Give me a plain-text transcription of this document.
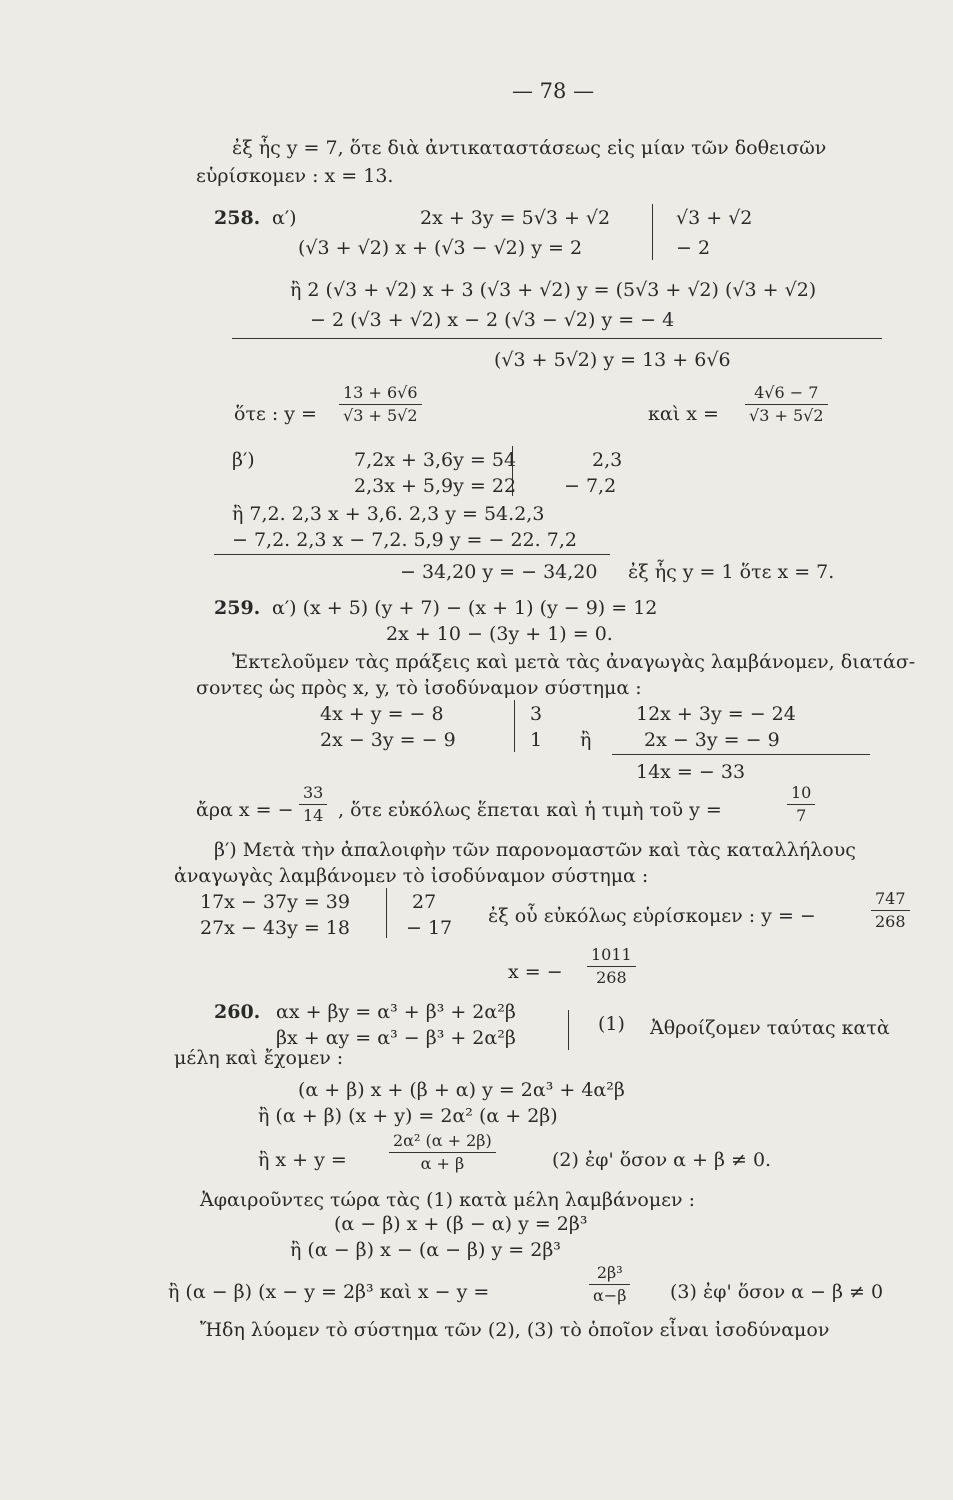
— 78 —
ἐξ ἧς y = 7, ὅτε διὰ ἀντικαταστάσεως εἰς μίαν τῶν δοθεισῶν
εὑρίσκομεν : x = 13.
258. α′)	2x + 3y = 5√3 + √2	√3 + √2
(√3 + √2) x + (√3 − √2) y = 2	− 2
ἢ 2 (√3 + √2) x + 3 (√3 + √2) y = (5√3 + √2) (√3 + √2)
− 2 (√3 + √2) x − 2 (√3 − √2) y = − 4
(√3 + 5√2) y = 13 + 6√6
ὅτε : $y = \frac{13 + 6√6}{√3 + 5√2}$	καὶ $x = \frac{4√6 - 7}{√3 + 5√2}$
β′)	7,2x + 3,6y = 54	2,3
2,3x + 5,9y = 22	− 7,2
ἢ 7,2. 2,3 x + 3,6. 2,3 y = 54.2,3
− 7,2. 2,3 x − 7,2. 5,9 y = − 22. 7,2
− 34,20 y = − 34,20 ἐξ ἧς y = 1 ὅτε x = 7.
259. α′) (x + 5) (y + 7) − (x + 1) (y − 9) = 12
2x + 10 − (3y + 1) = 0.
Ἐκτελοῦμεν τὰς πράξεις καὶ μετὰ τὰς ἀναγωγὰς λαμβάνομεν, διατάσ-
σοντες ὡς πρὸς x, y, τὸ ἰσοδύναμον σύστημα :
4x + y = − 8	3	12x + 3y = − 24
2x − 3y = − 9	1 ἢ	2x − 3y = − 9
14x = − 33
ἄρα x = − $\frac{33}{14}$ , ὅτε εὐκόλως ἕπεται καὶ ἡ τιμὴ τοῦ y =	$\frac{10}{7}$
β′) Μετὰ τὴν ἀπαλοιφὴν τῶν παρονομαστῶν καὶ τὰς καταλλήλους
ἀναγωγὰς λαμβάνομεν τὸ ἰσοδύναμον σύστημα :
17x − 37y = 39	27
27x − 43y = 18	− 17
ἐξ οὗ εὐκόλως εὑρίσκομεν : y = −	$\frac{747}{268}$
x = − $\frac{1011}{268}$
260. αx + βy = α³ + β³ + 2α²β
βx + αy = α³ − β³ + 2α²β
(1) Ἀθροίζομεν ταύτας κατὰ
μέλη καὶ ἔχομεν :
(α + β) x + (β + α) y = 2α³ + 4α²β
ἢ (α + β) (x + y) = 2α² (α + 2β)
ἢ x + y =	$\frac{\text{2α² (α + 2β)}}{\alpha + \beta}$	(2) ἐφ' ὅσον α + β ≠ 0.
Ἀφαιροῦντες τώρα τὰς (1) κατὰ μέλη λαμβάνομεν :
(α − β) x + (β − α) y = 2β³
ἢ (α − β) x − (α − β) y = 2β³
ἢ (α − β) (x − y = 2β³ καὶ x − y =	$\frac{\text{2β³}}{\alpha-\beta} (3)$ ἐφ' ὅσον α − β ≠ 0
Ἤδη λύομεν τὸ σύστημα τῶν (2), (3) τὸ ὁποῖον εἶναι ἰσοδύναμον
